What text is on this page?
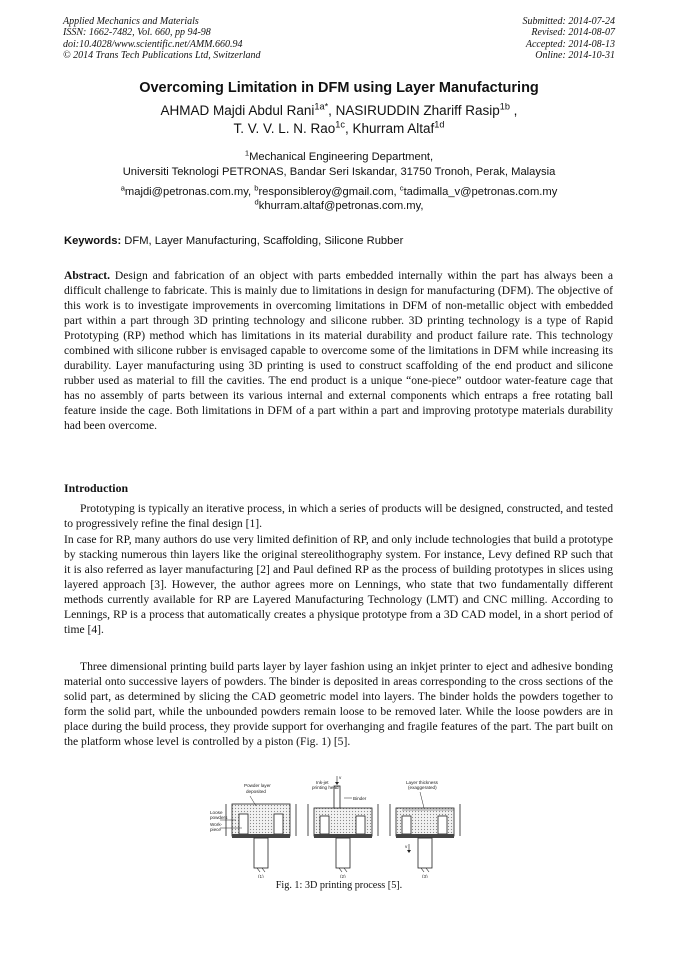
Applied Mechanics and Materials
ISSN: 1662-7482, Vol. 660, pp 94-98
doi:10.4028/www.scientific.net/AMM.660.94
© 2014 Trans Tech Publications Ltd, Switzerland
Submitted: 2014-07-24
Revised: 2014-08-07
Accepted: 2014-08-13
Online: 2014-10-31
Overcoming Limitation in DFM using Layer Manufacturing
AHMAD Majdi Abdul Rani$^{1a*}$, NASIRUDDIN Zhariff Rasip$^{1b}$ ,
T. V. V. L. N. Rao$^{1c}$, Khurram Altaf$^{1d}$
$^1$Mechanical Engineering Department,
Universiti Teknologi PETRONAS, Bandar Seri Iskandar, 31750 Tronoh, Perak, Malaysia
$^a$majdi@petronas.com.my, $^b$responsibleroy@gmail.com, $^c$tadimalla_v@petronas.com.my
$^d$khurram.altaf@petronas.com.my,
Keywords: DFM, Layer Manufacturing, Scaffolding, Silicone Rubber

Abstract. Design and fabrication of an object with parts embedded internally within the part has always been a difficult challenge to fabricate. This is mainly due to limitations in design for manufacturing (DFM). The objective of this work is to investigate improvements in overcoming limitations in DFM of non-metallic object with embedded part within a part through 3D printing technology and silicone rubber. 3D printing technology is a type of Rapid Prototyping (RP) method which has limitations in its material durability and product failure rate. This technology combined with silicone rubber is envisaged capable to overcome some of the limitations in DFM while increasing its durability. Layer manufacturing using 3D printing is used to construct scaffolding of the end product and silicone rubber used as material to fill the cavities. The end product is a unique “one-piece” outdoor water-feature cage that has no assembly of parts between its various internal and external components which entraps a free rotating ball feature inside the cage. Both limitations in DFM of a part within a part and improving prototype materials durability had been overcome.

Introduction

Prototyping is typically an iterative process, in which a series of products will be designed, constructed, and tested to progressively refine the final design [1].

In case for RP, many authors do use very limited definition of RP, and only include technologies that build a prototype by stacking numerous thin layers like the original stereolithography system. For instance, Levy defined RP such that it is also referred as layer manufacturing [2] and Paul defined RP as the process of building prototypes in slices using layered approach [3]. However, the author agrees more on Lennings, who state that two fundamentally different methods currently available for RP are Layered Manufacturing Technology (LMT) and CNC milling. According to Lennings, RP is a process that automatically creates a physique prototype from a 3D CAD model, in a short period of time [4].

Three dimensional printing build parts layer by layer fashion using an inkjet printer to eject and adhesive bonding material onto successive layers of powders. The binder is deposited in areas corresponding to the cross sections of the solid part, as determined by slicing the CAD geometric model into layers. The binder holds the powders together to form the solid part, while the unbounded powders remain loose to be removed later. While the loose powders are in place during the build process, they provide support for overhanging and fragile features of the part. The part built on the platform whose level is controlled by a piston (Fig. 1) [5].

Powder layer
deposited
Loose
powders
Work-
piece
(1)
v
Ink-jet
printing head
Binder
(2)
v
Layer thickness
(exaggerated)
(3)
Fig. 1: 3D printing process [5].
